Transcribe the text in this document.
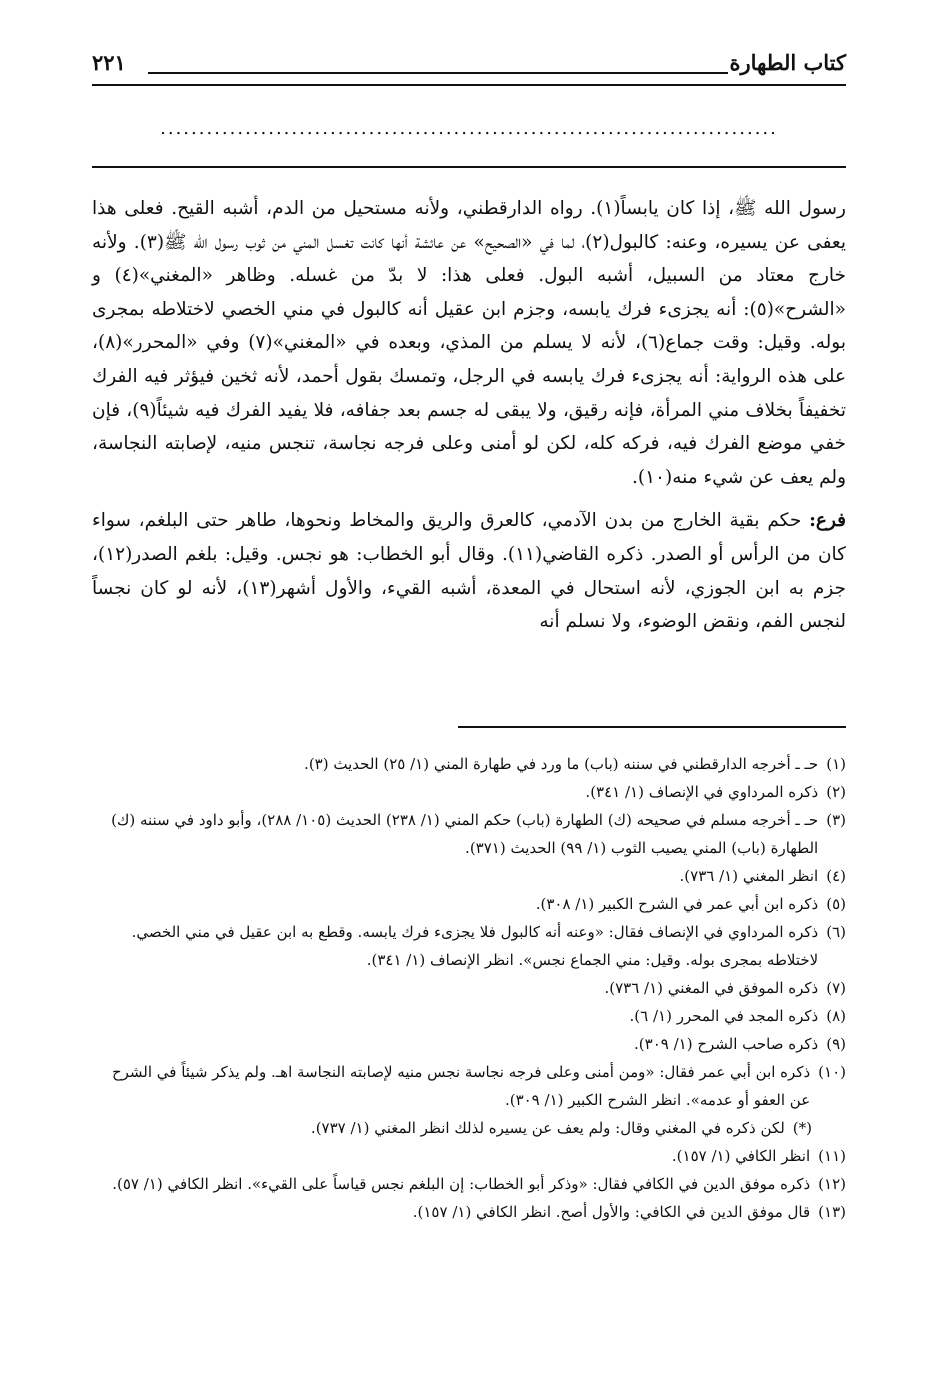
كتاب الطهارة
٢٢١
................................................................................

رسول الله ﷺ، إذا كان يابساً(١). رواه الدارقطني، ولأنه مستحيل من الدم، أشبه القيح. فعلى هذا يعفى عن يسيره، وعنه: كالبول(٢)، لما في «الصحيح» عن عائشة أنها كانت تغسل المني من ثوب رسول الله ﷺ(٣). ولأنه خارج معتاد من السبيل، أشبه البول. فعلى هذا: لا بدّ من غسله. وظاهر «المغني»(٤) و «الشرح»(٥): أنه يجزىء فرك يابسه، وجزم ابن عقيل أنه كالبول في مني الخصي لاختلاطه بمجرى بوله. وقيل: وقت جماع(٦)، لأنه لا يسلم من المذي، وبعده في «المغني»(٧) وفي «المحرر»(٨)، على هذه الرواية: أنه يجزىء فرك يابسه في الرجل، وتمسك بقول أحمد، لأنه ثخين فيؤثر فيه الفرك تخفيفاً بخلاف مني المرأة، فإنه رقيق، ولا يبقى له جسم بعد جفافه، فلا يفيد الفرك فيه شيئاً(٩)، فإن خفي موضع الفرك فيه، فركه كله، لكن لو أمنى وعلى فرجه نجاسة، تنجس منيه، لإصابته النجاسة، ولم يعف عن شيء منه(١٠).

فرع: حكم بقية الخارج من بدن الآدمي، كالعرق والريق والمخاط ونحوها، طاهر حتى البلغم، سواء كان من الرأس أو الصدر. ذكره القاضي(١١). وقال أبو الخطاب: هو نجس. وقيل: بلغم الصدر(١٢)، جزم به ابن الجوزي، لأنه استحال في المعدة، أشبه القيء، والأول أشهر(١٣)، لأنه لو كان نجساً لنجس الفم، ونقض الوضوء، ولا نسلم أنه

(١)
حـ ـ أخرجه الدارقطني في سننه (باب) ما ورد في طهارة المني (١/ ٢٥) الحديث (٣).
(٢)
ذكره المرداوي في الإنصاف (١/ ٣٤١).
(٣)
حـ ـ أخرجه مسلم في صحيحه (ك) الطهارة (باب) حكم المني (١/ ٢٣٨) الحديث (١٠٥/ ٢٨٨)، وأبو داود في سننه (ك) الطهارة (باب) المني يصيب الثوب (١/ ٩٩) الحديث (٣٧١).
(٤)
انظر المغني (١/ ٧٣٦).
(٥)
ذكره ابن أبي عمر في الشرح الكبير (١/ ٣٠٨).
(٦)
ذكره المرداوي في الإنصاف فقال: «وعنه أنه كالبول فلا يجزىء فرك يابسه. وقطع به ابن عقيل في مني الخصي. لاختلاطه بمجرى بوله. وقيل: مني الجماع نجس». انظر الإنصاف (١/ ٣٤١).
(٧)
ذكره الموفق في المغني (١/ ٧٣٦).
(٨)
ذكره المجد في المحرر (١/ ٦).
(٩)
ذكره صاحب الشرح (١/ ٣٠٩).
(١٠)
ذكره ابن أبي عمر فقال: «ومن أمنى وعلى فرجه نجاسة نجس منيه لإصابته النجاسة اهـ. ولم يذكر شيئاً في الشرح عن العفو أو عدمه». انظر الشرح الكبير (١/ ٣٠٩).
(*)
لكن ذكره في المغني وقال: ولم يعف عن يسيره لذلك انظر المغني (١/ ٧٣٧).
(١١)
انظر الكافي (١/ ١٥٧).
(١٢)
ذكره موفق الدين في الكافي فقال: «وذكر أبو الخطاب: إن البلغم نجس قياساً على القيء». انظر الكافي (١/ ٥٧).
(١٣)
قال موفق الدين في الكافي: والأول أصح. انظر الكافي (١/ ١٥٧).
